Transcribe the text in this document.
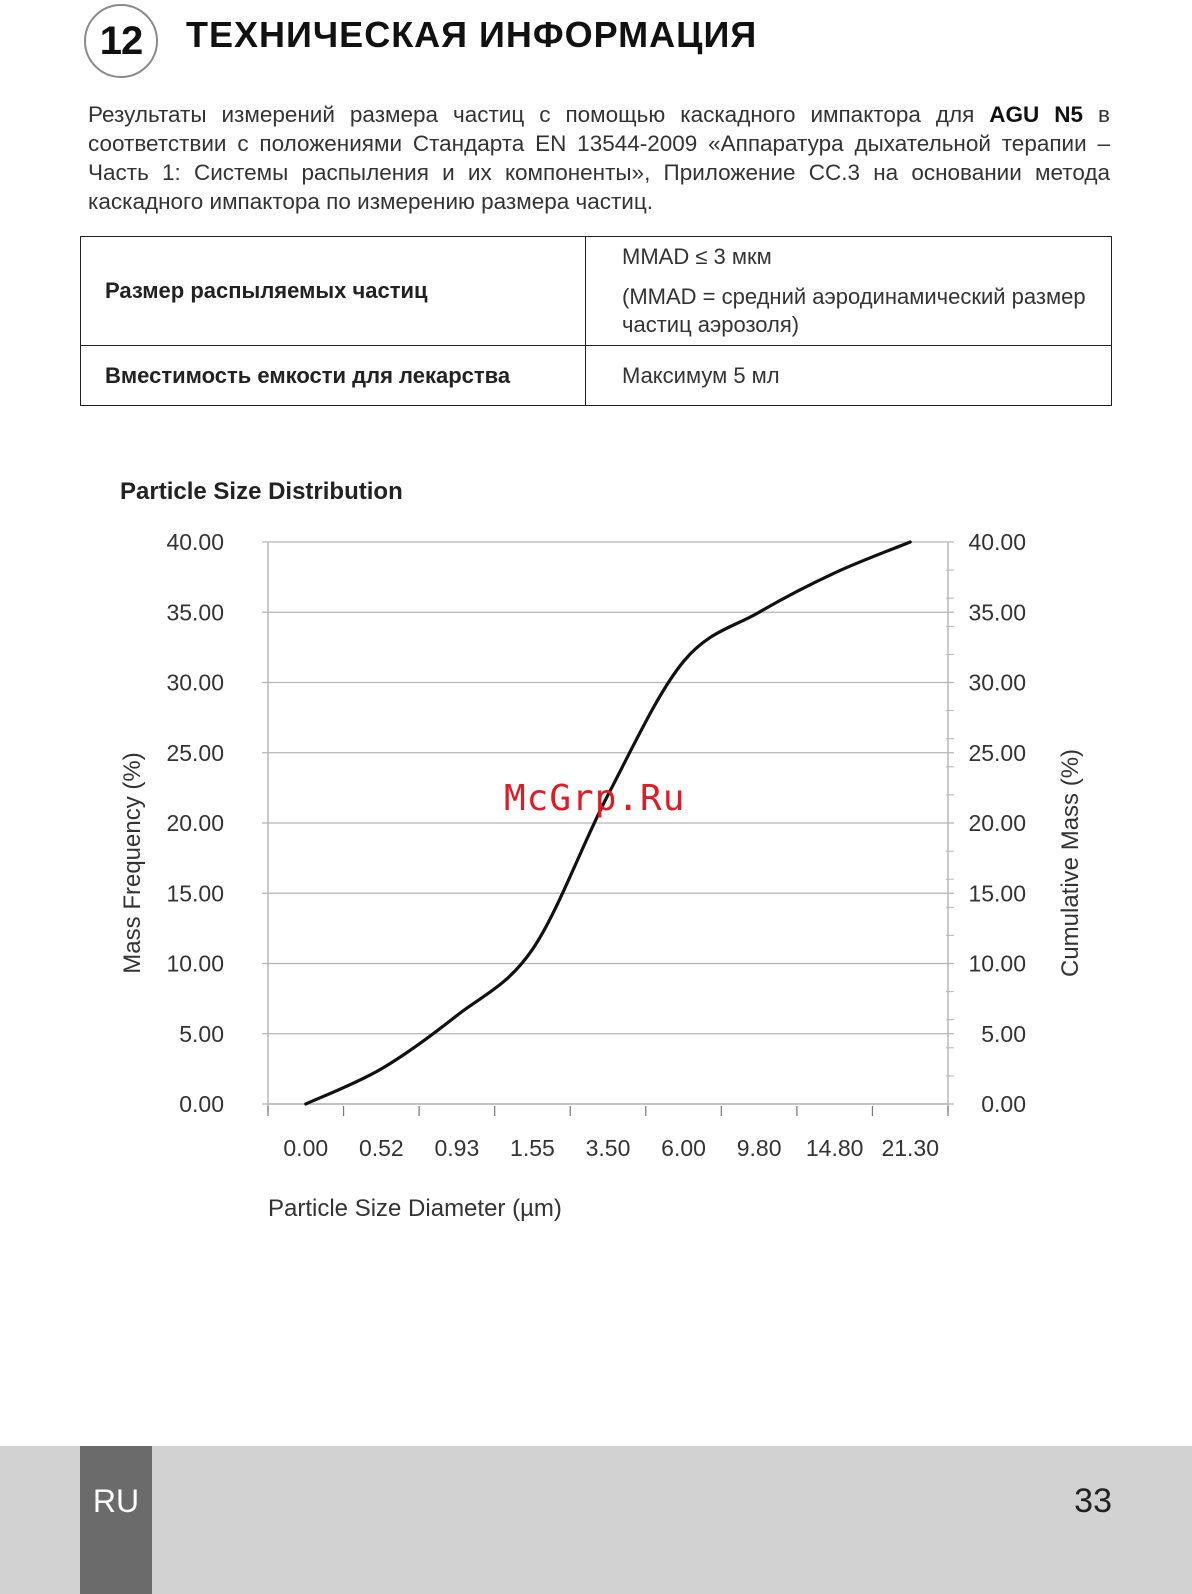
12 ТЕХНИЧЕСКАЯ ИНФОРМАЦИЯ
Результаты измерений размера частиц с помощью каскадного импактора для AGU N5 в соответствии с положениями Стандарта EN 13544-2009 «Аппаратура дыхательной терапии – Часть 1: Системы распыления и их компоненты», Приложение CC.3 на основании метода каскадного импактора по измерению размера частиц.
Размер распыляемых частиц	MMAD ≤ 3 мкм
(MMAD = средний аэродинамический размер частиц аэрозоля)

Вместимость емкости для лекарства	Максимум 5 мл
Particle Size Distribution
0.00
5.00
10.00
15.00
20.00
25.00
30.00
35.00
40.00
0.00
5.00
10.00
15.00
20.00
25.00
30.00
35.00
40.00
0.00 0.52 0.93 1.55 3.50 6.00 9.80 14.80 21.30
Particle Size Diameter (µm)
Mass Frequency (%)	Cumulative Mass (%)
McGrp.Ru
RU	33
